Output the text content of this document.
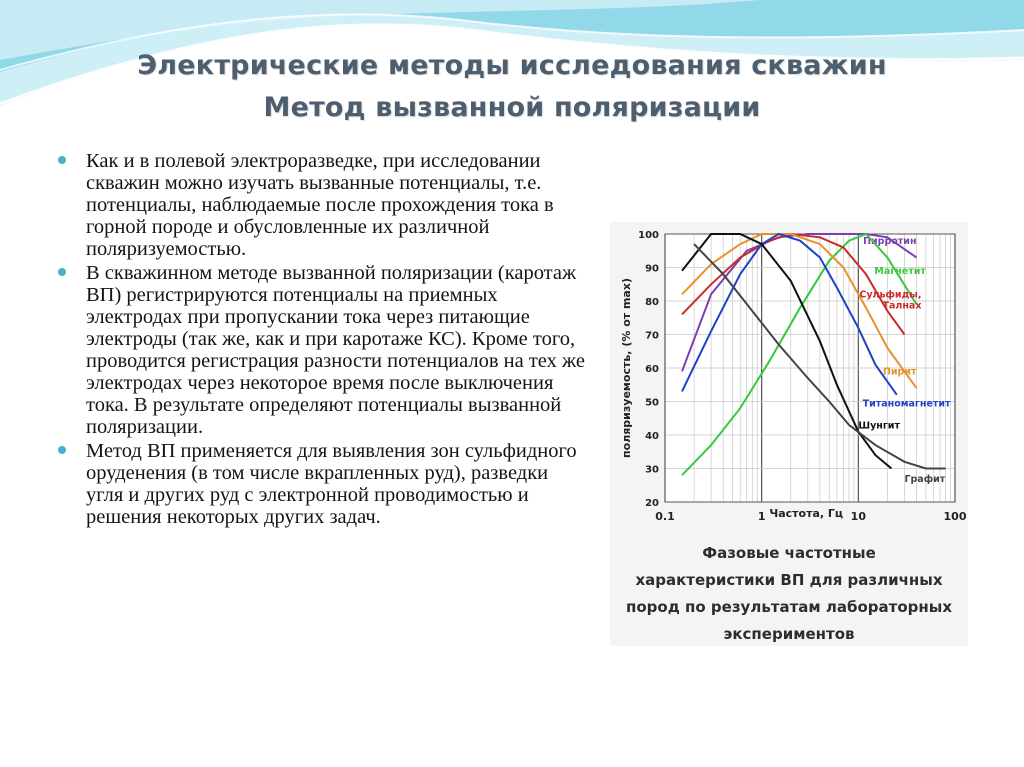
Электрические методы исследования скважин
Метод вызванной поляризации
Как и в полевой электроразведке, при исследовании скважин можно изучать вызванные потенциалы, т.е. потенциалы, наблюдаемые после прохождения тока в горной породе и обусловленные их различной поляризуемостью.
В скважинном методе вызванной поляризации (каротаж ВП) регистрируются потенциалы на приемных электродах при пропускании тока через питающие электроды (так же, как и при каротаже КС). Кроме того, проводится регистрация разности потенциалов на тех же электродах через некоторое время после выключения тока. В результате определяют потенциалы вызванной поляризации.
Метод ВП применяется для выявления зон сульфидного оруденения (в том числе вкрапленных руд), разведки угля и других руд с электронной проводимостью и решения некоторых других задач.	0.1	1	10	100
20
30
40
50
60
70
80
90
100
Частота, Гц
поляризуемость, (% от max)
Пирротин
Магнетит
Сульфиды,
Талнах
Пирит
Титаномагнетит
Шунгит
Графит
Фазовые частотные
характеристики ВП для различных
пород по результатам лабораторных
экспериментов
